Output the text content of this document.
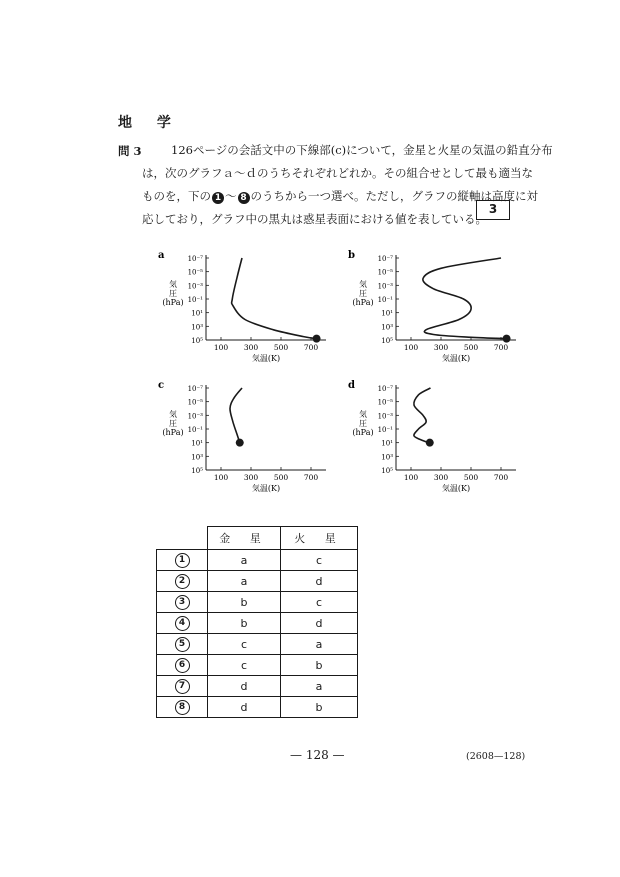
地 学
問 3	126ページの会話文中の下線部(c)について，金星と火星の気温の鉛直分布
は，次のグラフａ～ｄのうちそれぞれどれか。その組合せとして最も適当な
ものを，下の 1 ～ 8 のうちから一つ選べ。ただし，グラフの縦軸は高度に対
応しており，グラフ中の黒丸は惑星表面における値を表している。
3
a	10⁻⁷
10⁻⁵
10⁻³
10⁻¹
10¹
10³
10⁵
100 300 500 700
気
圧
(hPa)
気温(K)
b	10⁻⁷
10⁻⁵
10⁻³
10⁻¹
10¹
10³
10⁵
100 300 500 700
気
圧
(hPa)
気温(K)
c	10⁻⁷
10⁻⁵
10⁻³
10⁻¹
10¹
10³
10⁵
100 300 500 700
気
圧
(hPa)
気温(K)
d	10⁻⁷
10⁻⁵
10⁻³
10⁻¹
10¹
10³
10⁵
100 300 500 700
気
圧
(hPa)
気温(K)
	金 星	火 星
1	a	c
2	a	d
3	b	c
4	b	d
5	c	a
6	c	b
7	d	a
8	d	b
— 128 —	(2608—128)
